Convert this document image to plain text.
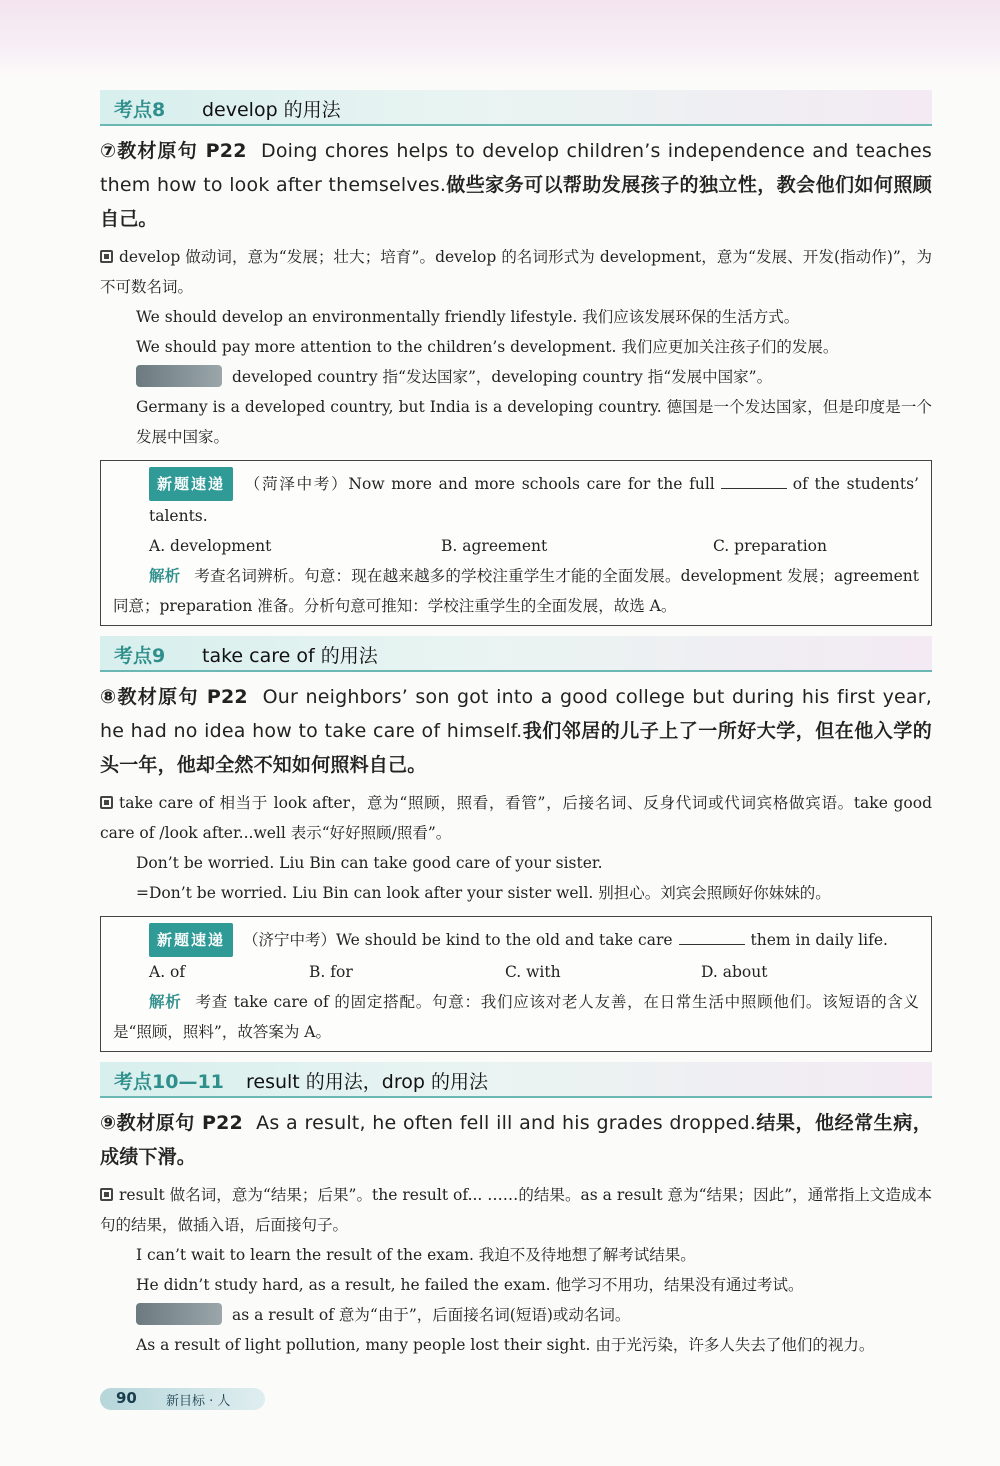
考点8 develop 的用法
⑦教材原句 P22 Doing chores helps to develop children’s independence and teaches them how to look after themselves.做些家务可以帮助发展孩子的独立性，教会他们如何照顾自己。

develop 做动词，意为“发展；壮大；培育”。develop 的名词形式为 development，意为“发展、开发(指动作)”，为不可数名词。

We should develop an environmentally friendly lifestyle. 我们应该发展环保的生活方式。

We should pay more attention to the children’s development. 我们应更加关注孩子们的发展。

developed country 指“发达国家”，developing country 指“发展中国家”。

Germany is a developed country, but India is a developing country. 德国是一个发达国家，但是印度是一个发展中国家。

新题速递 （菏泽中考）Now more and more schools care for the full	of the students’ talents.

A. development	B. agreement	C. preparation

解析 考查名词辨析。句意：现在越来越多的学校注重学生才能的全面发展。development 发展；agreement 同意；preparation 准备。分析句意可推知：学校注重学生的全面发展，故选 A。

考点9 take care of 的用法
⑧教材原句 P22 Our neighbors’ son got into a good college but during his first year, he had no idea how to take care of himself.我们邻居的儿子上了一所好大学，但在他入学的头一年，他却全然不知如何照料自己。

take care of 相当于 look after，意为“照顾，照看，看管”，后接名词、反身代词或代词宾格做宾语。take good care of /look after...well 表示“好好照顾/照看”。

Don’t be worried. Liu Bin can take good care of your sister.

=Don’t be worried. Liu Bin can look after your sister well. 别担心。刘宾会照顾好你妹妹的。

新题速递 （济宁中考）We should be kind to the old and take care	them in daily life.

A. of	B. for	C. with	D. about

解析 考查 take care of 的固定搭配。句意：我们应该对老人友善，在日常生活中照顾他们。该短语的含义是“照顾，照料”，故答案为 A。

考点10—11 result 的用法，drop 的用法
⑨教材原句 P22 As a result, he often fell ill and his grades dropped.结果，他经常生病，成绩下滑。

result 做名词，意为“结果；后果”。the result of... ……的结果。as a result 意为“结果；因此”，通常指上文造成本句的结果，做插入语，后面接句子。

I can’t wait to learn the result of the exam. 我迫不及待地想了解考试结果。

He didn’t study hard, as a result, he failed the exam. 他学习不用功，结果没有通过考试。

as a result of 意为“由于”，后面接名词(短语)或动名词。

As a result of light pollution, many people lost their sight. 由于光污染，许多人失去了他们的视力。

90 新目标 · 人
